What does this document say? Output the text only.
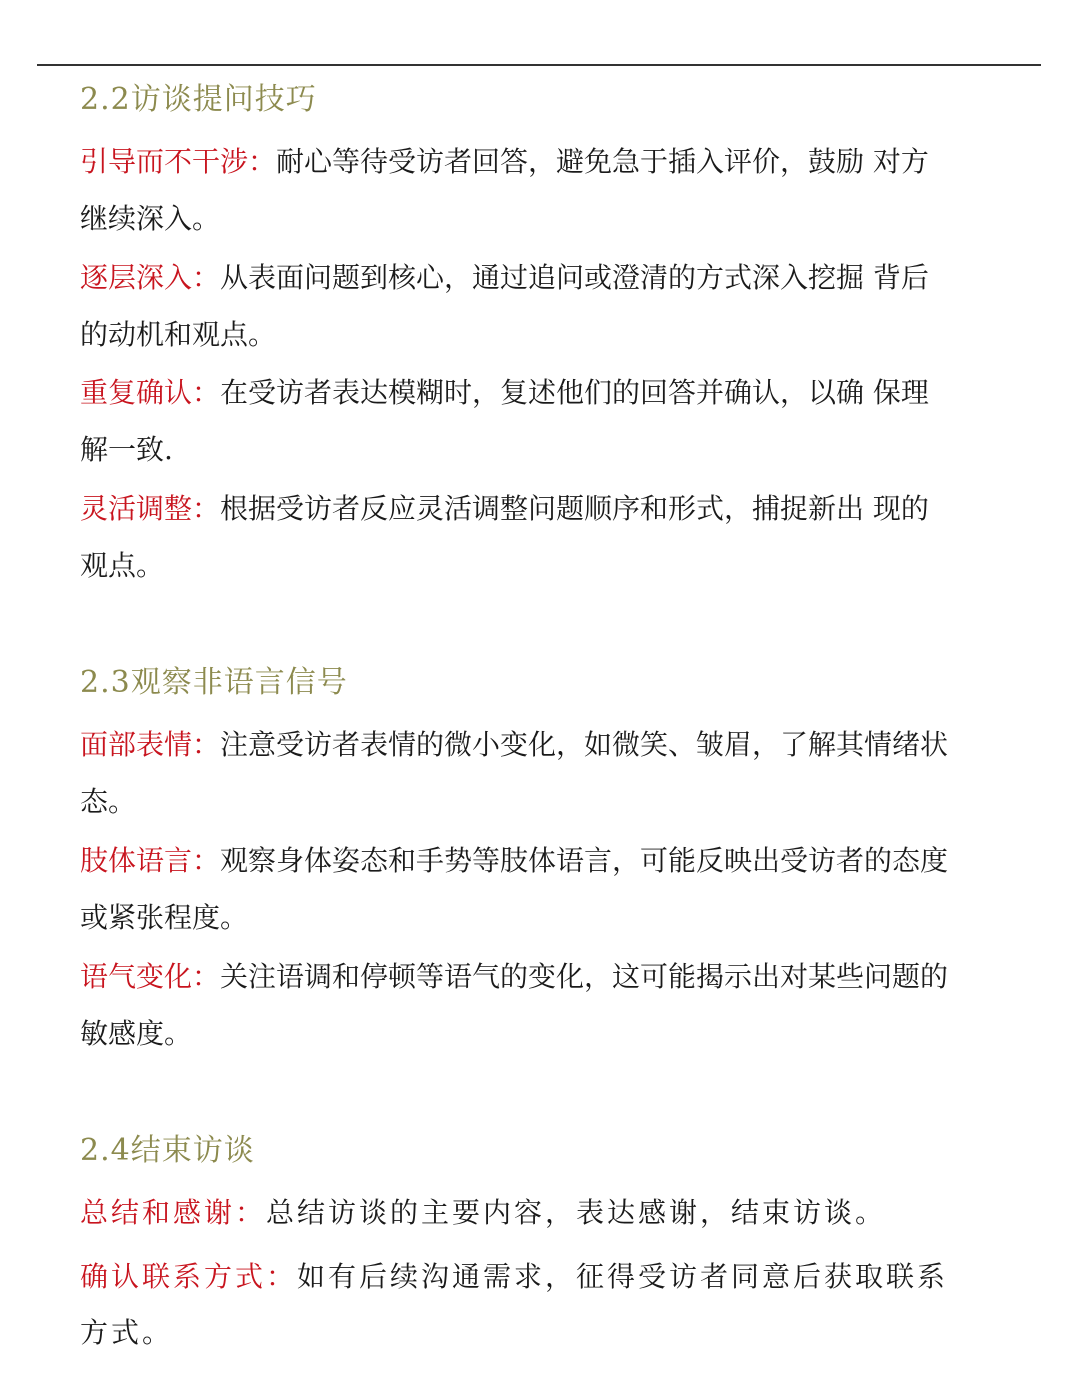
2.2访谈提问技巧
引导而不干涉：耐心等待受访者回答，避免急于插入评价，鼓励 对方继续深入。
逐层深入：从表面问题到核心，通过追问或澄清的方式深入挖掘 背后的动机和观点。
重复确认：在受访者表达模糊时，复述他们的回答并确认，以确 保理解一致.
灵活调整：根据受访者反应灵活调整问题顺序和形式，捕捉新出 现的观点。
2.3观察非语言信号
面部表情：注意受访者表情的微小变化，如微笑、皱眉，了解其情绪状态。
肢体语言：观察身体姿态和手势等肢体语言，可能反映出受访者的态度或紧张程度。
语气变化：关注语调和停顿等语气的变化，这可能揭示出对某些问题的敏感度。
2.4结束访谈
总结和感谢：总结访谈的主要内容，表达感谢，结束访谈。
确认联系方式：如有后续沟通需求，征得受访者同意后获取联系方式。
